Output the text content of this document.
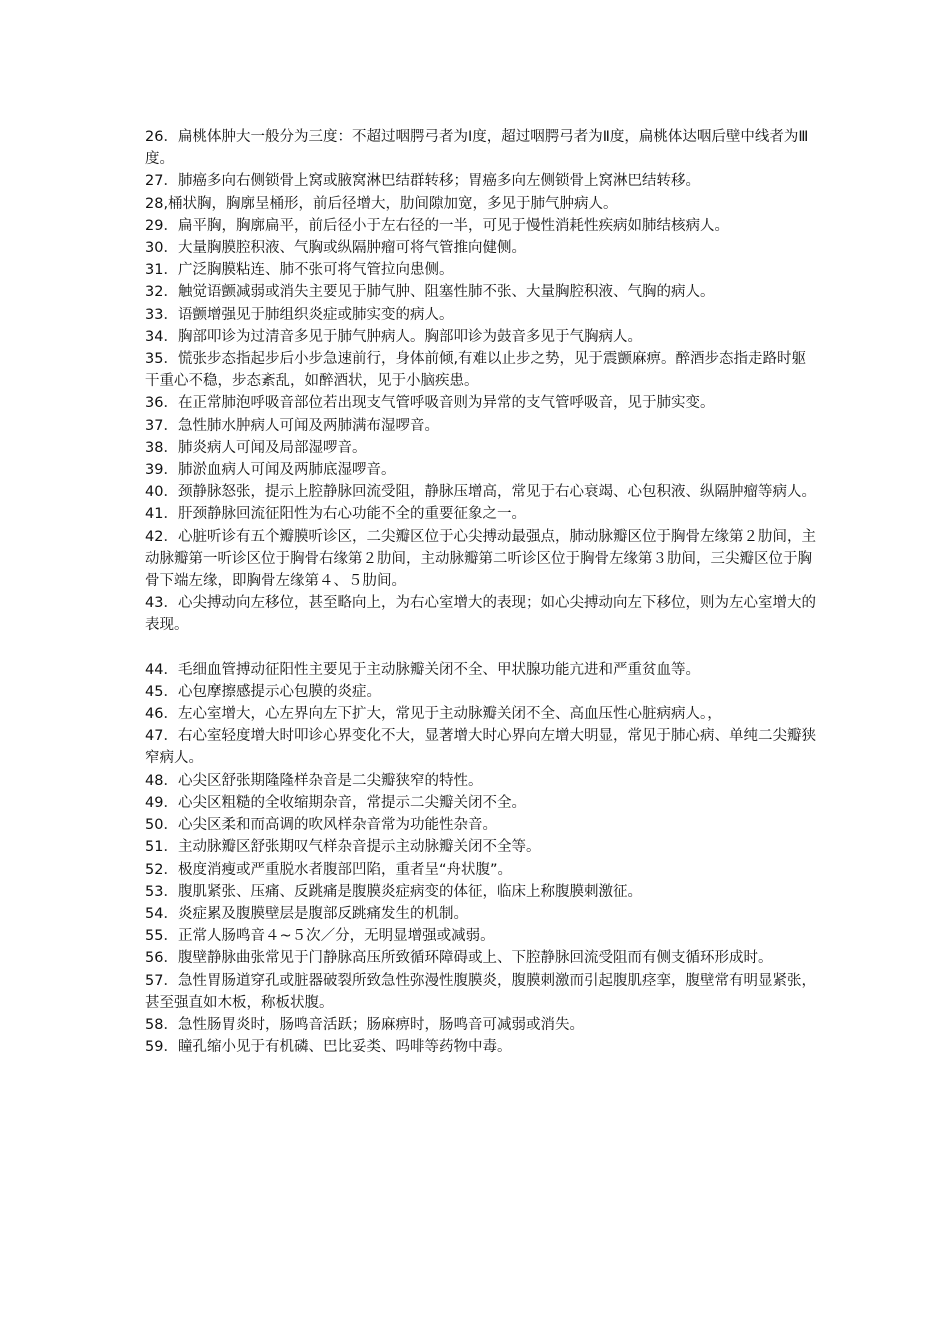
26．扁桃体肿大一般分为三度：不超过咽腭弓者为Ⅰ度，超过咽腭弓者为Ⅱ度，扁桃体达咽后壁中线者为Ⅲ度。

27．肺癌多向右侧锁骨上窝或腋窝淋巴结群转移；胃癌多向左侧锁骨上窝淋巴结转移。

28,桶状胸，胸廓呈桶形，前后径增大，肋间隙加宽，多见于肺气肿病人。

29．扁平胸，胸廓扁平，前后径小于左右径的一半，可见于慢性消耗性疾病如肺结核病人。

30．大量胸膜腔积液、气胸或纵隔肿瘤可将气管推向健侧。

31．广泛胸膜粘连、肺不张可将气管拉向患侧。

32．触觉语颤减弱或消失主要见于肺气肿、阻塞性肺不张、大量胸腔积液、气胸的病人。

33．语颤增强见于肺组织炎症或肺实变的病人。

34．胸部叩诊为过清音多见于肺气肿病人。胸部叩诊为鼓音多见于气胸病人。

35．慌张步态指起步后小步急速前行，身体前倾,有难以止步之势，见于震颤麻痹。醉酒步态指走路时躯干重心不稳，步态紊乱，如醉酒状，见于小脑疾患。

36．在正常肺泡呼吸音部位若出现支气管呼吸音则为异常的支气管呼吸音，见于肺实变。

37．急性肺水肿病人可闻及两肺满布湿啰音。

38．肺炎病人可闻及局部湿啰音。

39．肺淤血病人可闻及两肺底湿啰音。

40．颈静脉怒张，提示上腔静脉回流受阻，静脉压增高，常见于右心衰竭、心包积液、纵隔肿瘤等病人。

41．肝颈静脉回流征阳性为右心功能不全的重要征象之一。

42．心脏听诊有五个瓣膜听诊区，二尖瓣区位于心尖搏动最强点，肺动脉瓣区位于胸骨左缘第２肋间，主动脉瓣第一听诊区位于胸骨右缘第２肋间，主动脉瓣第二听诊区位于胸骨左缘第３肋间，三尖瓣区位于胸骨下端左缘，即胸骨左缘第４、５肋间。

43．心尖搏动向左移位，甚至略向上，为右心室增大的表现；如心尖搏动向左下移位，则为左心室增大的表现。

44．毛细血管搏动征阳性主要见于主动脉瓣关闭不全、甲状腺功能亢进和严重贫血等。

45．心包摩擦感提示心包膜的炎症。

46．左心室增大，心左界向左下扩大，常见于主动脉瓣关闭不全、高血压性心脏病病人。，

47．右心室轻度增大时叩诊心界变化不大，显著增大时心界向左增大明显，常见于肺心病、单纯二尖瓣狭窄病人。

48．心尖区舒张期隆隆样杂音是二尖瓣狭窄的特性。

49．心尖区粗糙的全收缩期杂音，常提示二尖瓣关闭不全。

50．心尖区柔和而高调的吹风样杂音常为功能性杂音。

51．主动脉瓣区舒张期叹气样杂音提示主动脉瓣关闭不全等。

52．极度消瘦或严重脱水者腹部凹陷，重者呈“舟状腹”。

53．腹肌紧张、压痛、反跳痛是腹膜炎症病变的体征，临床上称腹膜刺激征。

54．炎症累及腹膜壁层是腹部反跳痛发生的机制。

55．正常人肠鸣音４~５次／分，无明显增强或减弱。

56．腹壁静脉曲张常见于门静脉高压所致循环障碍或上、下腔静脉回流受阻而有侧支循环形成时。

57．急性胃肠道穿孔或脏器破裂所致急性弥漫性腹膜炎，腹膜刺激而引起腹肌痉挛，腹壁常有明显紧张，甚至强直如木板，称板状腹。

58．急性肠胃炎时，肠鸣音活跃；肠麻痹时，肠鸣音可减弱或消失。

59．瞳孔缩小见于有机磷、巴比妥类、吗啡等药物中毒。
